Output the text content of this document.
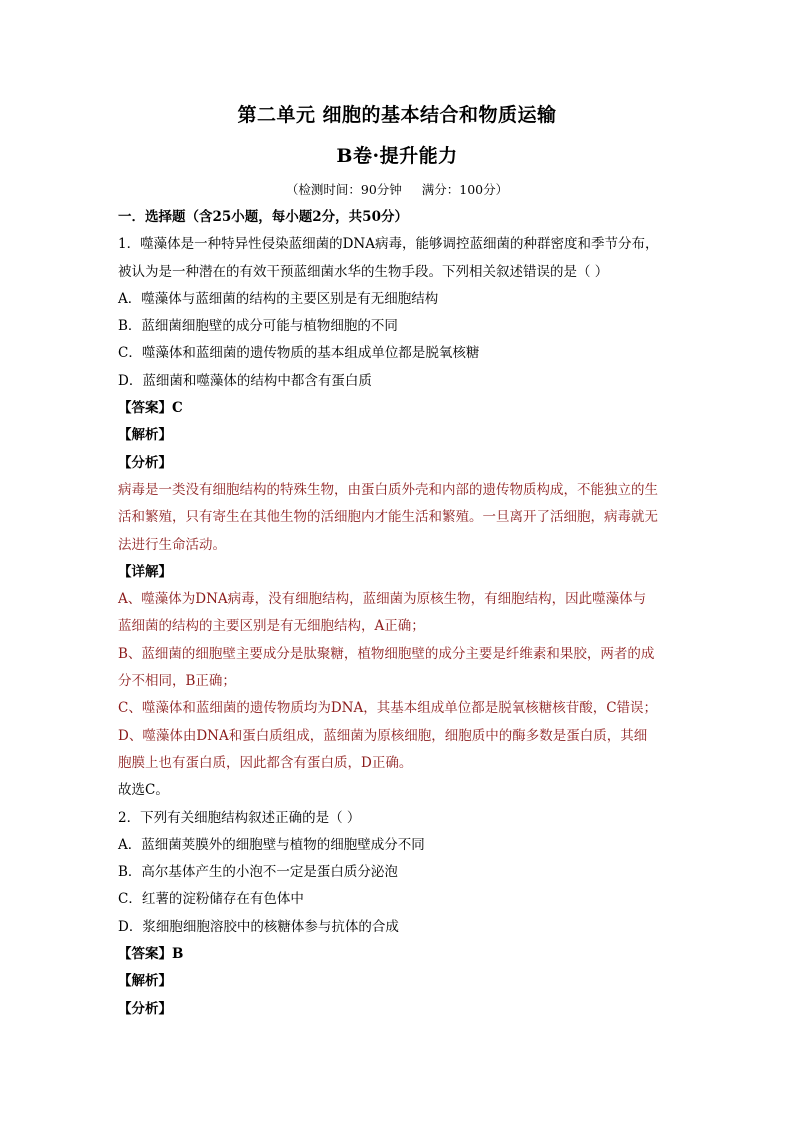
第二单元 细胞的基本结合和物质运输
B卷·提升能力
（检测时间：90分钟 满分：100分）
一．选择题（含25小题，每小题2分，共50分）
1．噬藻体是一种特异性侵染蓝细菌的DNA病毒，能够调控蓝细菌的种群密度和季节分布，
被认为是一种潜在的有效干预蓝细菌水华的生物手段。下列相关叙述错误的是（ ）
A．噬藻体与蓝细菌的结构的主要区别是有无细胞结构
B．蓝细菌细胞壁的成分可能与植物细胞的不同
C．噬藻体和蓝细菌的遗传物质的基本组成单位都是脱氧核糖
D．蓝细菌和噬藻体的结构中都含有蛋白质
【答案】C
【解析】
【分析】
病毒是一类没有细胞结构的特殊生物，由蛋白质外壳和内部的遗传物质构成，不能独立的生
活和繁殖，只有寄生在其他生物的活细胞内才能生活和繁殖。一旦离开了活细胞，病毒就无
法进行生命活动。
【详解】
A、噬藻体为DNA病毒，没有细胞结构，蓝细菌为原核生物，有细胞结构，因此噬藻体与
蓝细菌的结构的主要区别是有无细胞结构，A正确；
B、蓝细菌的细胞壁主要成分是肽聚糖，植物细胞壁的成分主要是纤维素和果胶，两者的成
分不相同，B正确；
C、噬藻体和蓝细菌的遗传物质均为DNA，其基本组成单位都是脱氧核糖核苷酸，C错误；
D、噬藻体由DNA和蛋白质组成，蓝细菌为原核细胞，细胞质中的酶多数是蛋白质，其细
胞膜上也有蛋白质，因此都含有蛋白质，D正确。
故选C。
2．下列有关细胞结构叙述正确的是（ ）
A．蓝细菌荚膜外的细胞壁与植物的细胞壁成分不同
B．高尔基体产生的小泡不一定是蛋白质分泌泡
C．红薯的淀粉储存在有色体中
D．浆细胞细胞溶胶中的核糖体参与抗体的合成
【答案】B
【解析】
【分析】
